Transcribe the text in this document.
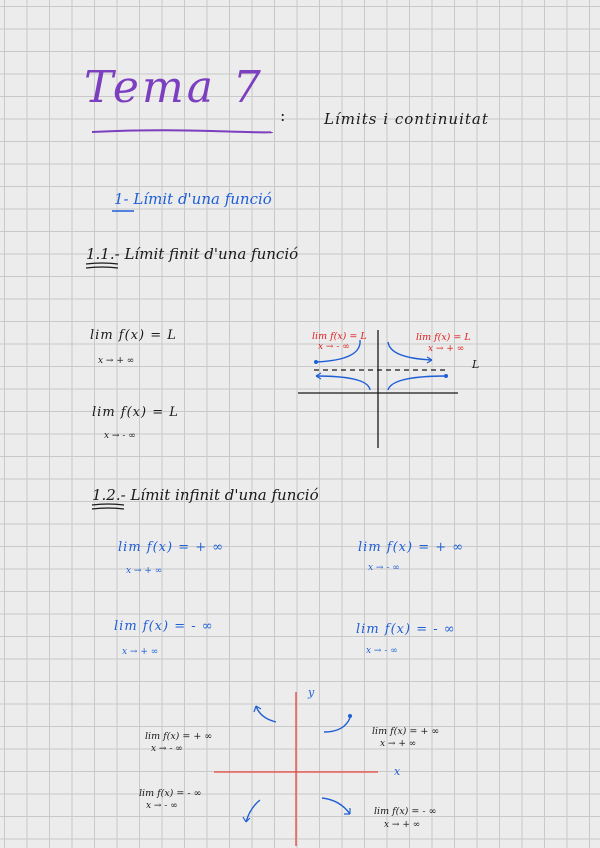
Tema 7
:	Límits i continuitat
1- Límit d'una funció
1.1.- Límit finit d'una funció
lim f(x) = L
x → + ∞
lim f(x) = L
x → - ∞
lim f(x) = L
x → - ∞
lim f(x) = L
x → + ∞
L
1.2.- Límit infinit d'una funció
lim f(x) = + ∞
x → + ∞
lim f(x) = + ∞
x → - ∞
lim f(x) = - ∞
x → + ∞
lim f(x) = - ∞
x → - ∞
y
x
lim f(x) = + ∞
x → - ∞
lim f(x) = + ∞
x → + ∞
lim f(x) = - ∞
x → - ∞	lim f(x) = - ∞
x → + ∞
